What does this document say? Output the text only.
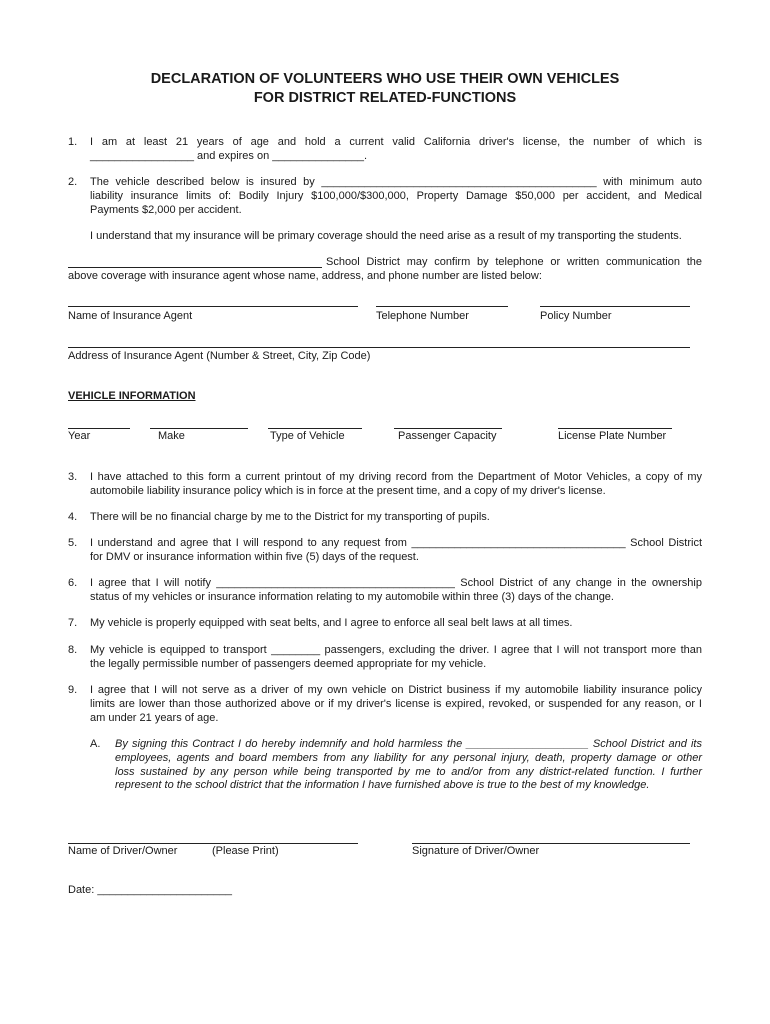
DECLARATION OF VOLUNTEERS WHO USE THEIR OWN VEHICLES
FOR DISTRICT RELATED-FUNCTIONS
1.	I am at least 21 years of age and hold a current valid California driver's license, the number of which is
_________________ and expires on _______________.
2.	The vehicle described below is insured by _____________________________________________ with minimum auto
liability insurance limits of: Bodily Injury $100,000/$300,000, Property Damage $50,000 per accident, and Medical
Payments $2,000 per accident.
I understand that my insurance will be primary coverage should the need arise as a result of my transporting the students.
School District may confirm by telephone or written communication the
above coverage with insurance agent whose name, address, and phone number are listed below:
Name of Insurance Agent	Telephone Number	Policy Number
Address of Insurance Agent (Number & Street, City, Zip Code)
VEHICLE INFORMATION
Year	Make	Type of Vehicle	Passenger Capacity	License Plate Number
3.	I have attached to this form a current printout of my driving record from the Department of Motor Vehicles, a copy of my
automobile liability insurance policy which is in force at the present time, and a copy of my driver's license.
4.	There will be no financial charge by me to the District for my transporting of pupils.
5.	I understand and agree that I will respond to any request from ___________________________________ School District
for DMV or insurance information within five (5) days of the request.
6.	I agree that I will notify _______________________________________ School District of any change in the ownership
status of my vehicles or insurance information relating to my automobile within three (3) days of the change.
7.	My vehicle is properly equipped with seat belts, and I agree to enforce all seal belt laws at all times.
8.	My vehicle is equipped to transport ________ passengers, excluding the driver. I agree that I will not transport more than
the legally permissible number of passengers deemed appropriate for my vehicle.
9.	I agree that I will not serve as a driver of my own vehicle on District business if my automobile liability insurance policy
limits are lower than those authorized above or if my driver's license is expired, revoked, or suspended for any reason, or I
am under 21 years of age.
A.	By signing this Contract I do hereby indemnify and hold harmless the ____________________ School District and its
employees, agents and board members from any liability for any personal injury, death, property damage or other
loss sustained by any person while being transported by me to and/or from any district-related function. I further
represent to the school district that the information I have furnished above is true to the best of my knowledge.
Name of Driver/Owner	(Please Print)	Signature of Driver/Owner
Date: ______________________
